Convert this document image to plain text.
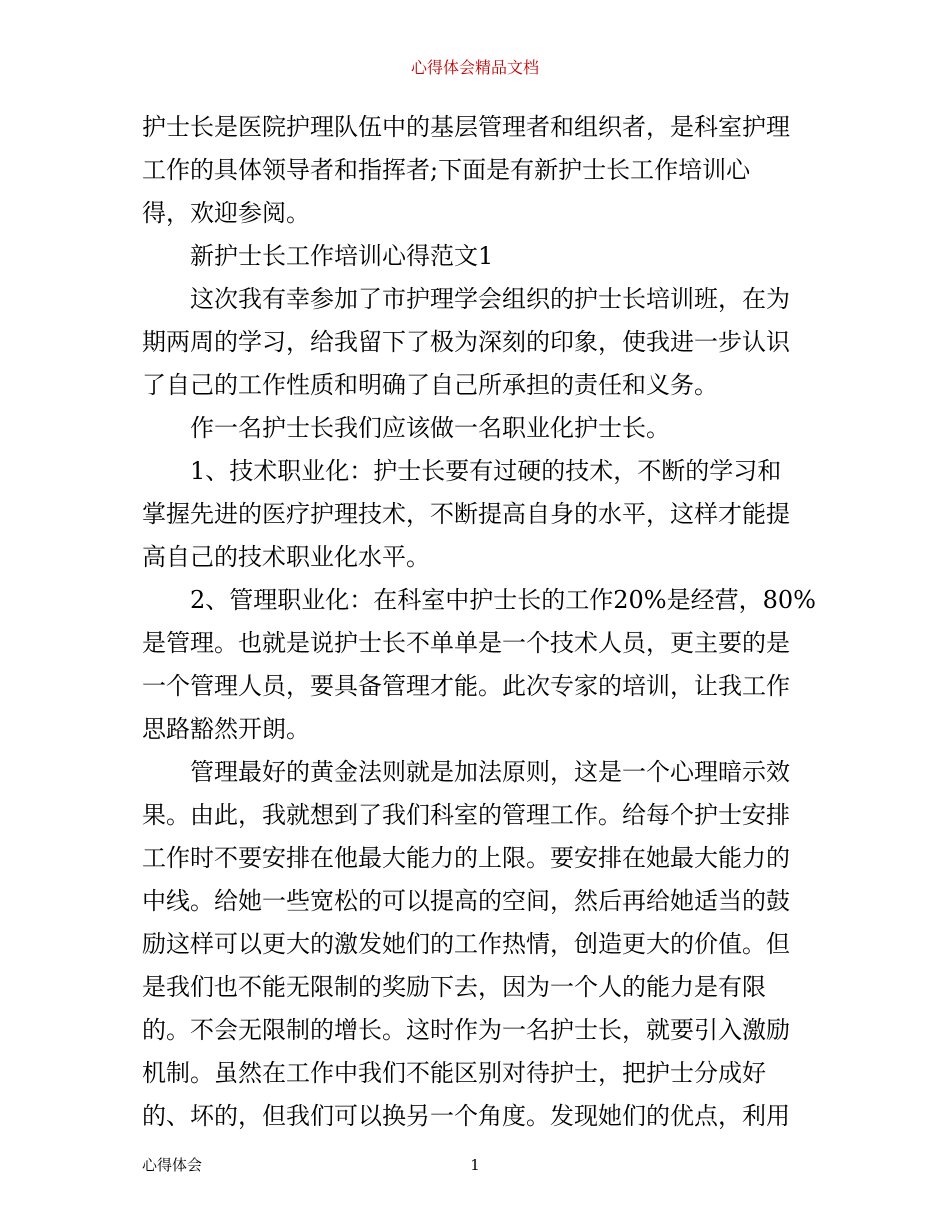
心得体会精品文档
护士长是医院护理队伍中的基层管理者和组织者，是科室护理
工作的具体领导者和指挥者;下面是有新护士长工作培训心
得，欢迎参阅。
新护士长工作培训心得范文1
这次我有幸参加了市护理学会组织的护士长培训班，在为
期两周的学习，给我留下了极为深刻的印象，使我进一步认识
了自己的工作性质和明确了自己所承担的责任和义务。
作一名护士长我们应该做一名职业化护士长。
1、技术职业化：护士长要有过硬的技术，不断的学习和
掌握先进的医疗护理技术，不断提高自身的水平，这样才能提
高自己的技术职业化水平。
2、管理职业化：在科室中护士长的工作20%是经营，80%
是管理。也就是说护士长不单单是一个技术人员，更主要的是
一个管理人员，要具备管理才能。此次专家的培训，让我工作
思路豁然开朗。
管理最好的黄金法则就是加法原则，这是一个心理暗示效
果。由此，我就想到了我们科室的管理工作。给每个护士安排
工作时不要安排在他最大能力的上限。要安排在她最大能力的
中线。给她一些宽松的可以提高的空间，然后再给她适当的鼓
励这样可以更大的激发她们的工作热情，创造更大的价值。但
是我们也不能无限制的奖励下去，因为一个人的能力是有限
的。不会无限制的增长。这时作为一名护士长，就要引入激励
机制。虽然在工作中我们不能区别对待护士，把护士分成好
的、坏的，但我们可以换另一个角度。发现她们的优点，利用
心得体会	1
